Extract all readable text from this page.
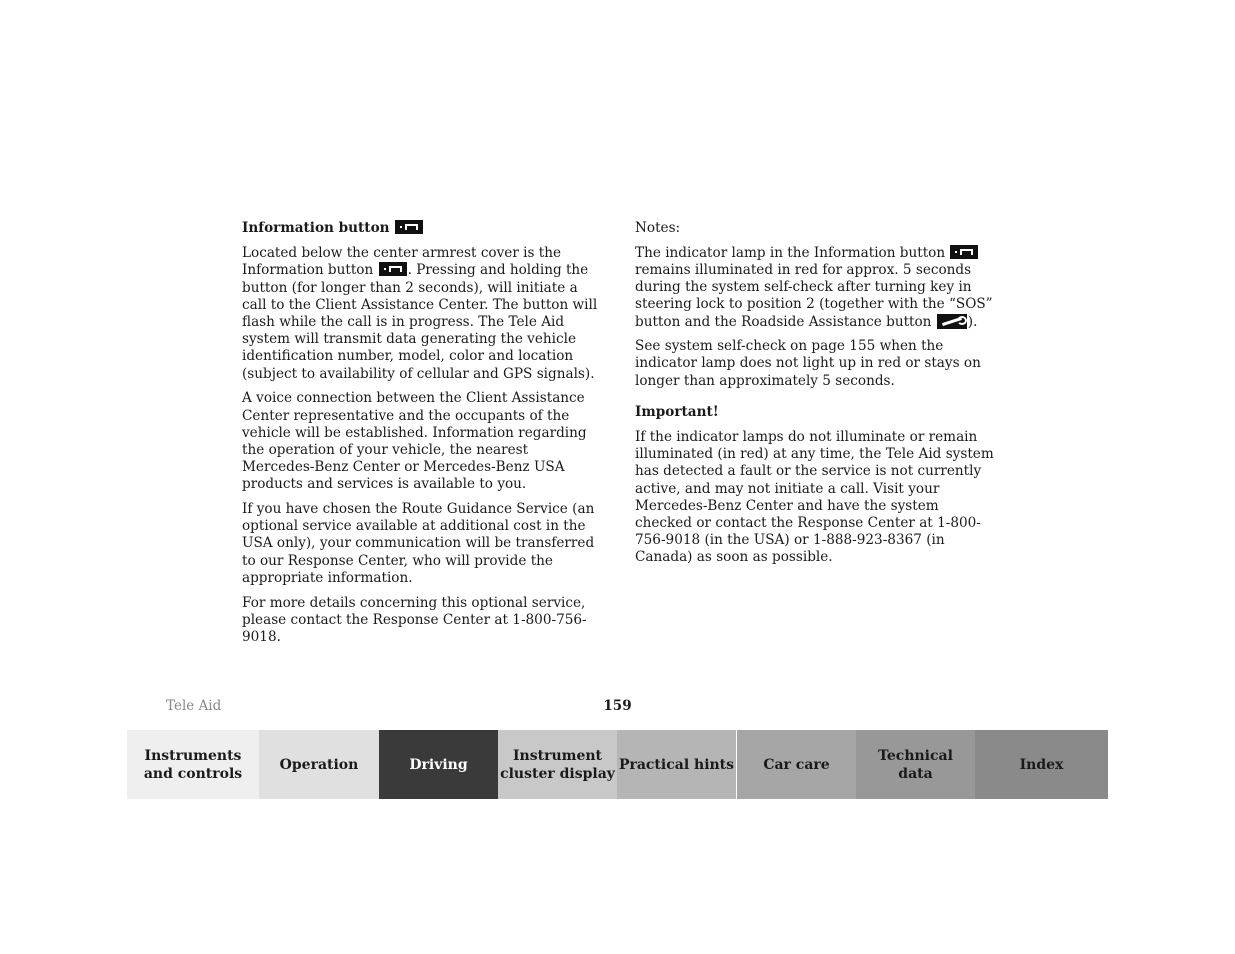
Information button

Located below the center armrest cover is the Information button	. Pressing and holding the button (for longer than 2 seconds), will initiate a call to the Client Assistance Center. The button will flash while the call is in progress. The Tele Aid system will transmit data generating the vehicle identification number, model, color and location (subject to availability of cellular and GPS signals).

A voice connection between the Client Assistance Center representative and the occupants of the vehicle will be established. Information regarding the operation of your vehicle, the nearest Mercedes-Benz Center or Mercedes-Benz USA products and services is available to you.

If you have chosen the Route Guidance Service (an optional service available at additional cost in the USA only), your communication will be transferred to our Response Center, who will provide the appropriate information.

For more details concerning this optional service, please contact the Response Center at 1-800-756-9018.

Notes:

The indicator lamp in the Information button  remains illuminated in red for approx. 5 seconds during the system self-check after turning key in steering lock to position 2 (together with the “SOS” button and the Roadside Assistance button	).

See system self-check on page 155 when the indicator lamp does not light up in red or stays on longer than approximately 5 seconds.

Important!

If the indicator lamps do not illuminate or remain illuminated (in red) at any time, the Tele Aid system has detected a fault or the service is not currently active, and may not initiate a call. Visit your Mercedes-Benz Center and have the system checked or contact the Response Center at 1-800-756-9018 (in the USA) or 1-888-923-8367 (in Canada) as soon as possible.

Tele Aid	159
Instruments
and controls
Operation	Driving
Instrument
cluster display
Practical hints Car care
Technical
data
Index
